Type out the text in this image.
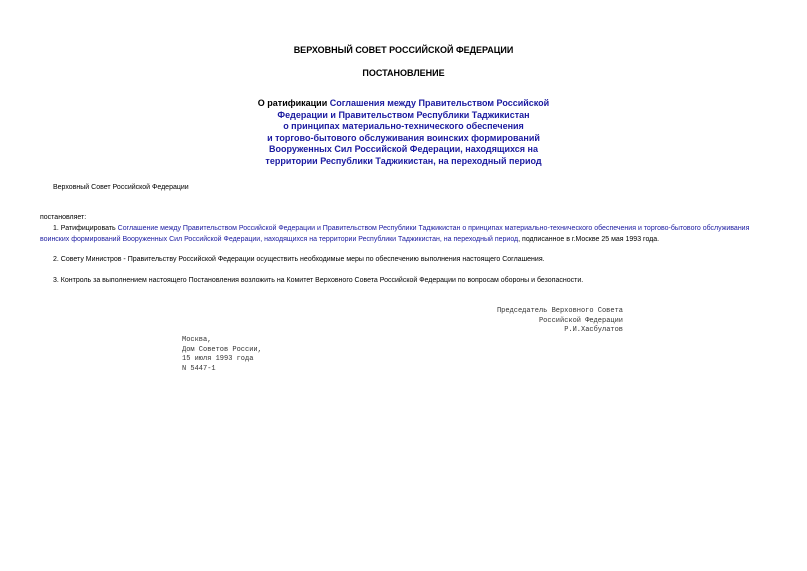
ВЕРХОВНЫЙ СОВЕТ РОССИЙСКОЙ ФЕДЕРАЦИИ
ПОСТАНОВЛЕНИЕ
О ратификации Соглашения между Правительством Российской
Федерации и Правительством Республики Таджикистан
о принципах материально-технического обеспечения
и торгово-бытового обслуживания воинских формирований
Вооруженных Сил Российской Федерации, находящихся на
территории Республики Таджикистан, на переходный период
Верховный Совет Российской Федерации
постановляет:
1. Ратифицировать Соглашение между Правительством Российской Федерации и Правительством Республики Таджикистан о принципах материально-технического обеспечения и торгово-бытового обслуживания воинских формирований Вооруженных Сил Российской Федерации, находящихся на территории Республики Таджикистан, на переходный период, подписанное в г.Москве 25 мая 1993 года.
2. Совету Министров - Правительству Российской Федерации осуществить необходимые меры по обеспечению выполнения настоящего Соглашения.
3. Контроль за выполнением настоящего Постановления возложить на Комитет Верховного Совета Российской Федерации по вопросам обороны и безопасности.
Председатель Верховного Совета
Российской Федерации
Р.И.Хасбулатов
Москва,
Дом Советов России,
15 июля 1993 года
N 5447-1
